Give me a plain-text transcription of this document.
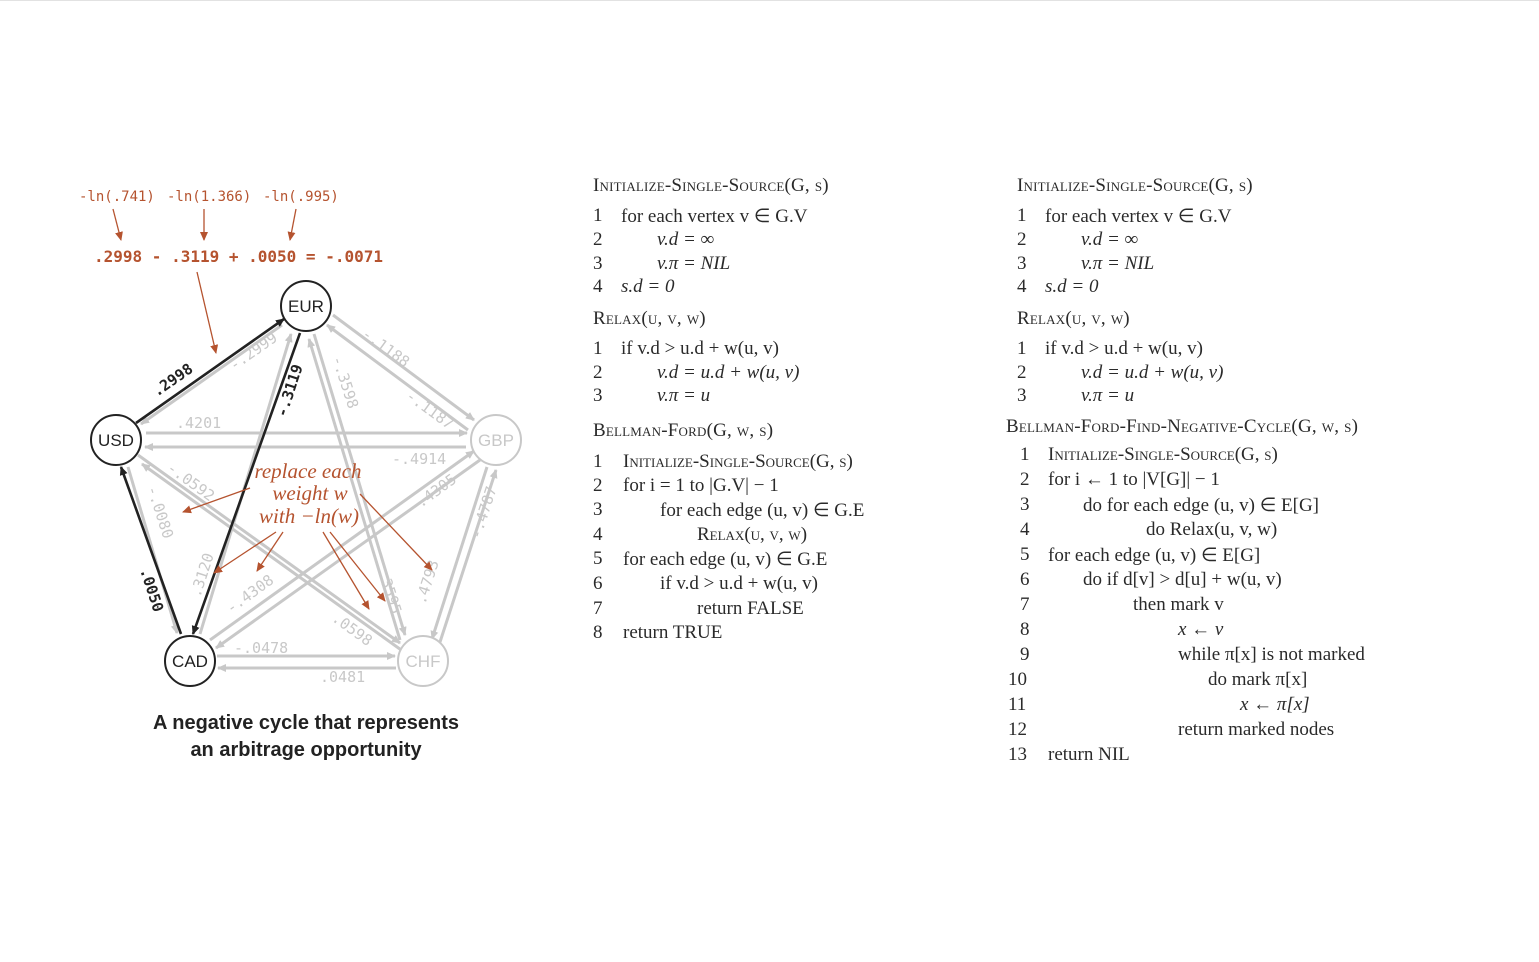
-ln(.741) -ln(1.366) -ln(.995)
.2998 - .3119 + .0050 = -.0071
.2998
-.2999
-.3119
.0050
-.0080
.4201
-.4914
-.1188
-.1187
-.3598
.3595
.3120
-.0592
.0598
-.4308
.4305 -.4787
.4793
-.0478
.0481
EUR
USD	GBP
CAD	CHF
replace each
weight w
with −ln(w)
A negative cycle that represents
an arbitrage opportunity
Initialize-Single-Source(G, s)
1 for each vertex v ∈ G.V
2	v.d = ∞
3	v.π = NIL
4 s.d = 0
Relax(u, v, w)
1 if v.d > u.d + w(u, v)
2	v.d = u.d + w(u, v)
3	v.π = u
Bellman-Ford(G, w, s)
1	Initialize-Single-Source(G, s)
2	for i = 1 to |G.V| − 1
3	for each edge (u, v) ∈ G.E
4	Relax(u, v, w)
5	for each edge (u, v) ∈ G.E
6	if v.d > u.d + w(u, v)
7	return FALSE
8	return TRUE
Initialize-Single-Source(G, s)
1 for each vertex v ∈ G.V
2	v.d = ∞
3	v.π = NIL
4 s.d = 0
Relax(u, v, w)
1 if v.d > u.d + w(u, v)
2	v.d = u.d + w(u, v)
3	v.π = u
Bellman-Ford-Find-Negative-Cycle(G, w, s)
1 Initialize-Single-Source(G, s)
2 for i ← 1 to |V[G]| − 1
3	do for each edge (u, v) ∈ E[G]
4	do Relax(u, v, w)
5 for each edge (u, v) ∈ E[G]
6	do if d[v] > d[u] + w(u, v)
7	then mark v
8	x ← v
9	while π[x] is not marked
10	do mark π[x]
11	x ← π[x]
12	return marked nodes
13	return NIL
